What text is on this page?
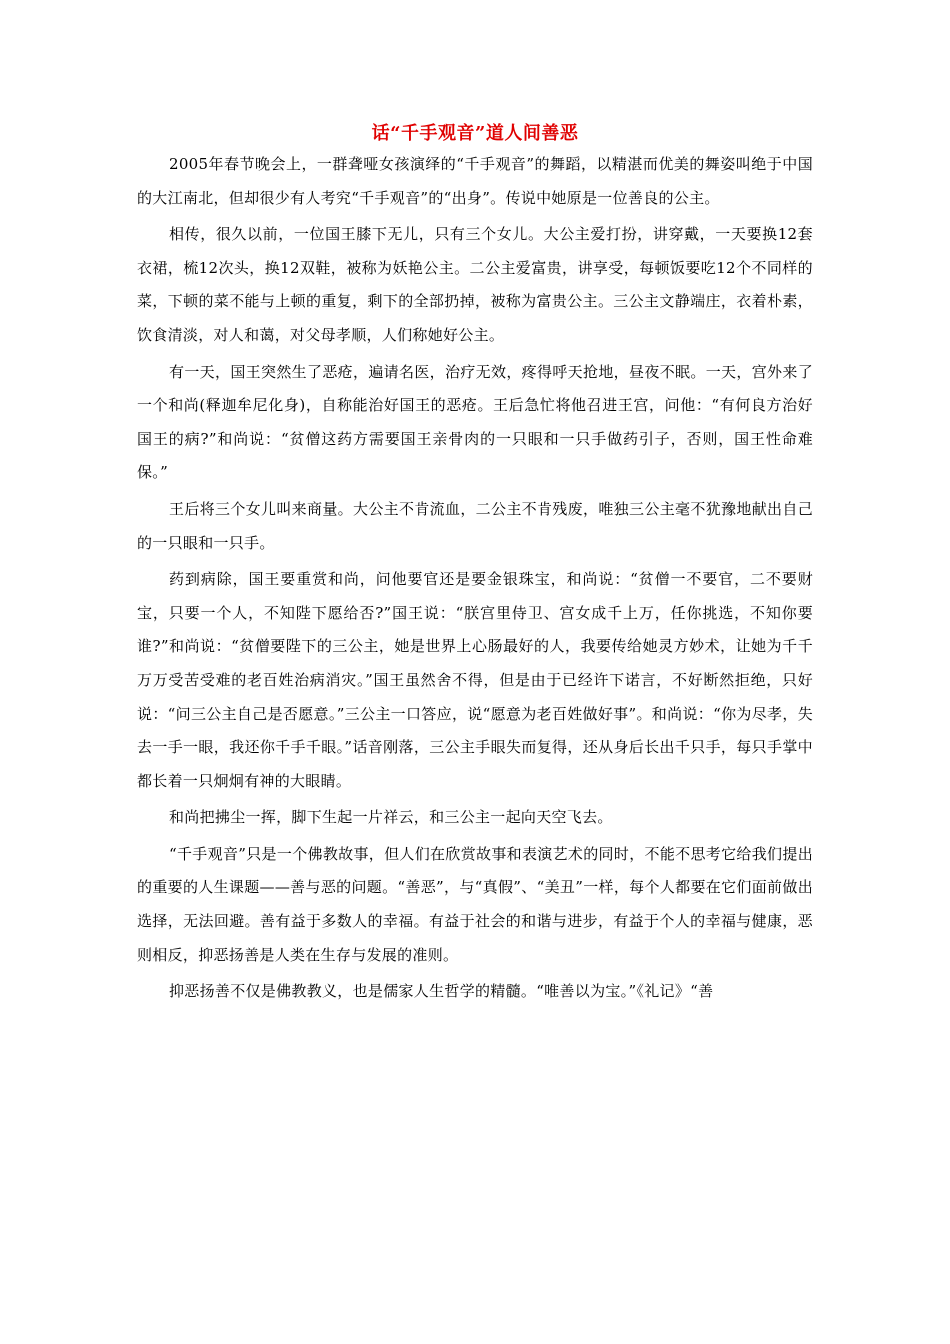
话“千手观音”道人间善恶

2005年春节晚会上，一群聋哑女孩演绎的“千手观音”的舞蹈，以精湛而优美的舞姿叫绝于中国的大江南北，但却很少有人考究“千手观音”的“出身”。传说中她原是一位善良的公主。

相传，很久以前，一位国王膝下无儿，只有三个女儿。大公主爱打扮，讲穿戴，一天要换12套衣裙，梳12次头，换12双鞋，被称为妖艳公主。二公主爱富贵，讲享受，每顿饭要吃12个不同样的菜，下顿的菜不能与上顿的重复，剩下的全部扔掉，被称为富贵公主。三公主文静端庄，衣着朴素，饮食清淡，对人和蔼，对父母孝顺，人们称她好公主。

有一天，国王突然生了恶疮，遍请名医，治疗无效，疼得呼天抢地，昼夜不眠。一天，宫外来了一个和尚(释迦牟尼化身)，自称能治好国王的恶疮。王后急忙将他召进王宫，问他：“有何良方治好国王的病?”和尚说：“贫僧这药方需要国王亲骨肉的一只眼和一只手做药引子，否则，国王性命难保。”

王后将三个女儿叫来商量。大公主不肯流血，二公主不肯残废，唯独三公主毫不犹豫地献出自己的一只眼和一只手。

药到病除，国王要重赏和尚，问他要官还是要金银珠宝，和尚说：“贫僧一不要官，二不要财宝，只要一个人，不知陛下愿给否?”国王说：“朕宫里侍卫、宫女成千上万，任你挑选，不知你要谁?”和尚说：“贫僧要陛下的三公主，她是世界上心肠最好的人，我要传给她灵方妙术，让她为千千万万受苦受难的老百姓治病消灾。”国王虽然舍不得，但是由于已经许下诺言，不好断然拒绝，只好说：“问三公主自己是否愿意。”三公主一口答应，说“愿意为老百姓做好事”。和尚说：“你为尽孝，失去一手一眼，我还你千手千眼。”话音刚落，三公主手眼失而复得，还从身后长出千只手，每只手掌中都长着一只炯炯有神的大眼睛。

和尚把拂尘一挥，脚下生起一片祥云，和三公主一起向天空飞去。

“千手观音”只是一个佛教故事，但人们在欣赏故事和表演艺术的同时，不能不思考它给我们提出的重要的人生课题——善与恶的问题。“善恶”，与“真假”、“美丑”一样，每个人都要在它们面前做出选择，无法回避。善有益于多数人的幸福。有益于社会的和谐与进步，有益于个人的幸福与健康，恶则相反，抑恶扬善是人类在生存与发展的准则。

抑恶扬善不仅是佛教教义，也是儒家人生哲学的精髓。“唯善以为宝。”《礼记》“善
